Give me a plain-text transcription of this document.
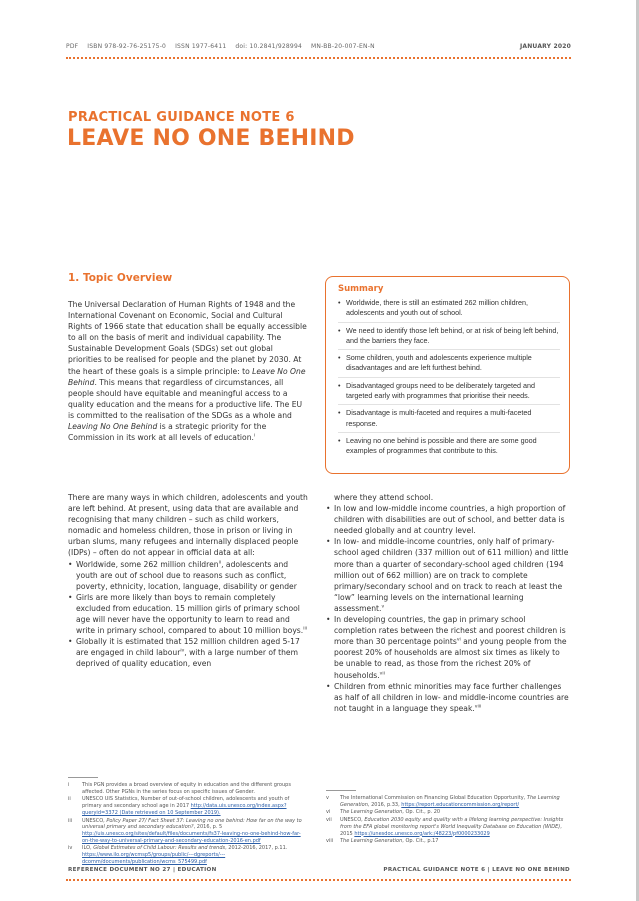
PDF ISBN 978-92-76-25175-0 ISSN 1977-6411 doi: 10.2841/928994 MN-BB-20-007-EN-N	JANUARY 2020
PRACTICAL GUIDANCE NOTE 6
LEAVE NO ONE BEHIND
1. Topic Overview

The Universal Declaration of Human Rights of 1948 and the International Covenant on Economic, Social and Cultural Rights of 1966 state that education shall be equally accessible to all on the basis of merit and individual capability. The Sustainable Development Goals (SDGs) set out global priorities to be realised for people and the planet by 2030. At the heart of these goals is a simple principle: to Leave No One Behind. This means that regardless of circumstances, all people should have equitable and meaningful access to a quality education and the means for a productive life. The EU is committed to the realisation of the SDGs as a whole and Leaving No One Behind is a strategic priority for the Commission in its work at all levels of education.$^i$

There are many ways in which children, adolescents and youth are left behind. At present, using data that are available and recognising that many children – such as child workers, nomadic and homeless children, those in prison or living in urban slums, many refugees and internally displaced people (IDPs) – often do not appear in official data at all:

• Worldwide, some 262 million children$^{ii}$, adolescents and youth are out of school due to reasons such as conflict, poverty, ethnicity, location, language, disability or gender
• Girls are more likely than boys to remain completely excluded from education. 15 million girls of primary school age will never have the opportunity to learn to read and write in primary school, compared to about 10 million boys.$^{iii}$
• Globally it is estimated that 152 million children aged 5-17 are engaged in child labour$^{iv}$, with a large number of them deprived of quality education, even

where they attend school.

• In low and low-middle income countries, a high proportion of children with disabilities are out of school, and better data is needed globally and at country level.
• In low- and middle-income countries, only half of primary-school aged children (337 million out of 611 million) and little more than a quarter of secondary-school aged children (194 million out of 662 million) are on track to complete primary/secondary school and on track to reach at least the “low” learning levels on the international learning assessment.$^v$
• In developing countries, the gap in primary school completion rates between the richest and poorest children is more than 30 percentage points$^{vi}$ and young people from the poorest 20% of households are almost six times as likely to be unable to read, as those from the richest 20% of households.$^{vii}$
• Children from ethnic minorities may face further challenges as half of all children in low- and middle-income countries are not taught in a language they speak.$^{viii}$
Summary
• Worldwide, there is still an estimated 262 million children, adolescents and youth out of school.
• We need to identify those left behind, or at risk of being left behind, and the barriers they face.
• Some children, youth and adolescents experience multiple disadvantages and are left furthest behind.
• Disadvantaged groups need to be deliberately targeted and targeted early with programmes that prioritise their needs.
• Disadvantage is multi-faceted and requires a multi-faceted response.
• Leaving no one behind is possible and there are some good examples of programmes that contribute to this.
i	This PGN provides a broad overview of equity in education and the different groups affected. Other PGNs in the series focus on specific issues of Gender.
ii	UNESCO UIS Statistics, Number of out-of-school children, adolescents and youth of primary and secondary school age in 2017 http://data.uis.unesco.org/index.aspx?queryid=3372 (Date retrieved on 10 September 2019).
iii	UNESCO, Policy Paper 27/ Fact Sheet 37: Leaving no one behind: How far on the way to universal primary and secondary education?, 2016, p. 5 http://uis.unesco.org/sites/default/files/documents/fs37-leaving-no-one-behind-how-far-on-the-way-to-universal-primary-and-secondary-education-2016-en.pdf
iv	ILO, Global Estimates of Child Labour: Results and trends, 2012-2016, 2017, p.11. https://www.ilo.org/wcmsp5/groups/public/---dgreports/---dcomm/documents/publication/wcms_575499.pdf
v	The International Commission on Financing Global Education Opportunity, The Learning Generation, 2016, p.33, https://report.educationcommission.org/report/
vi	The Learning Generation, Op. Cit., p. 20
vii	UNESCO, Education 2030 equity and quality with a lifelong learning perspective: Insights from the EFA global monitoring report's World Inequality Database on Education (WIDE), 2015 https://unesdoc.unesco.org/ark:/48223/pf0000233029
viii	The Learning Generation, Op. Cit., p.17
REFERENCE DOCUMENT NO 27 | EDUCATION	PRACTICAL GUIDANCE NOTE 6 | LEAVE NO ONE BEHIND
